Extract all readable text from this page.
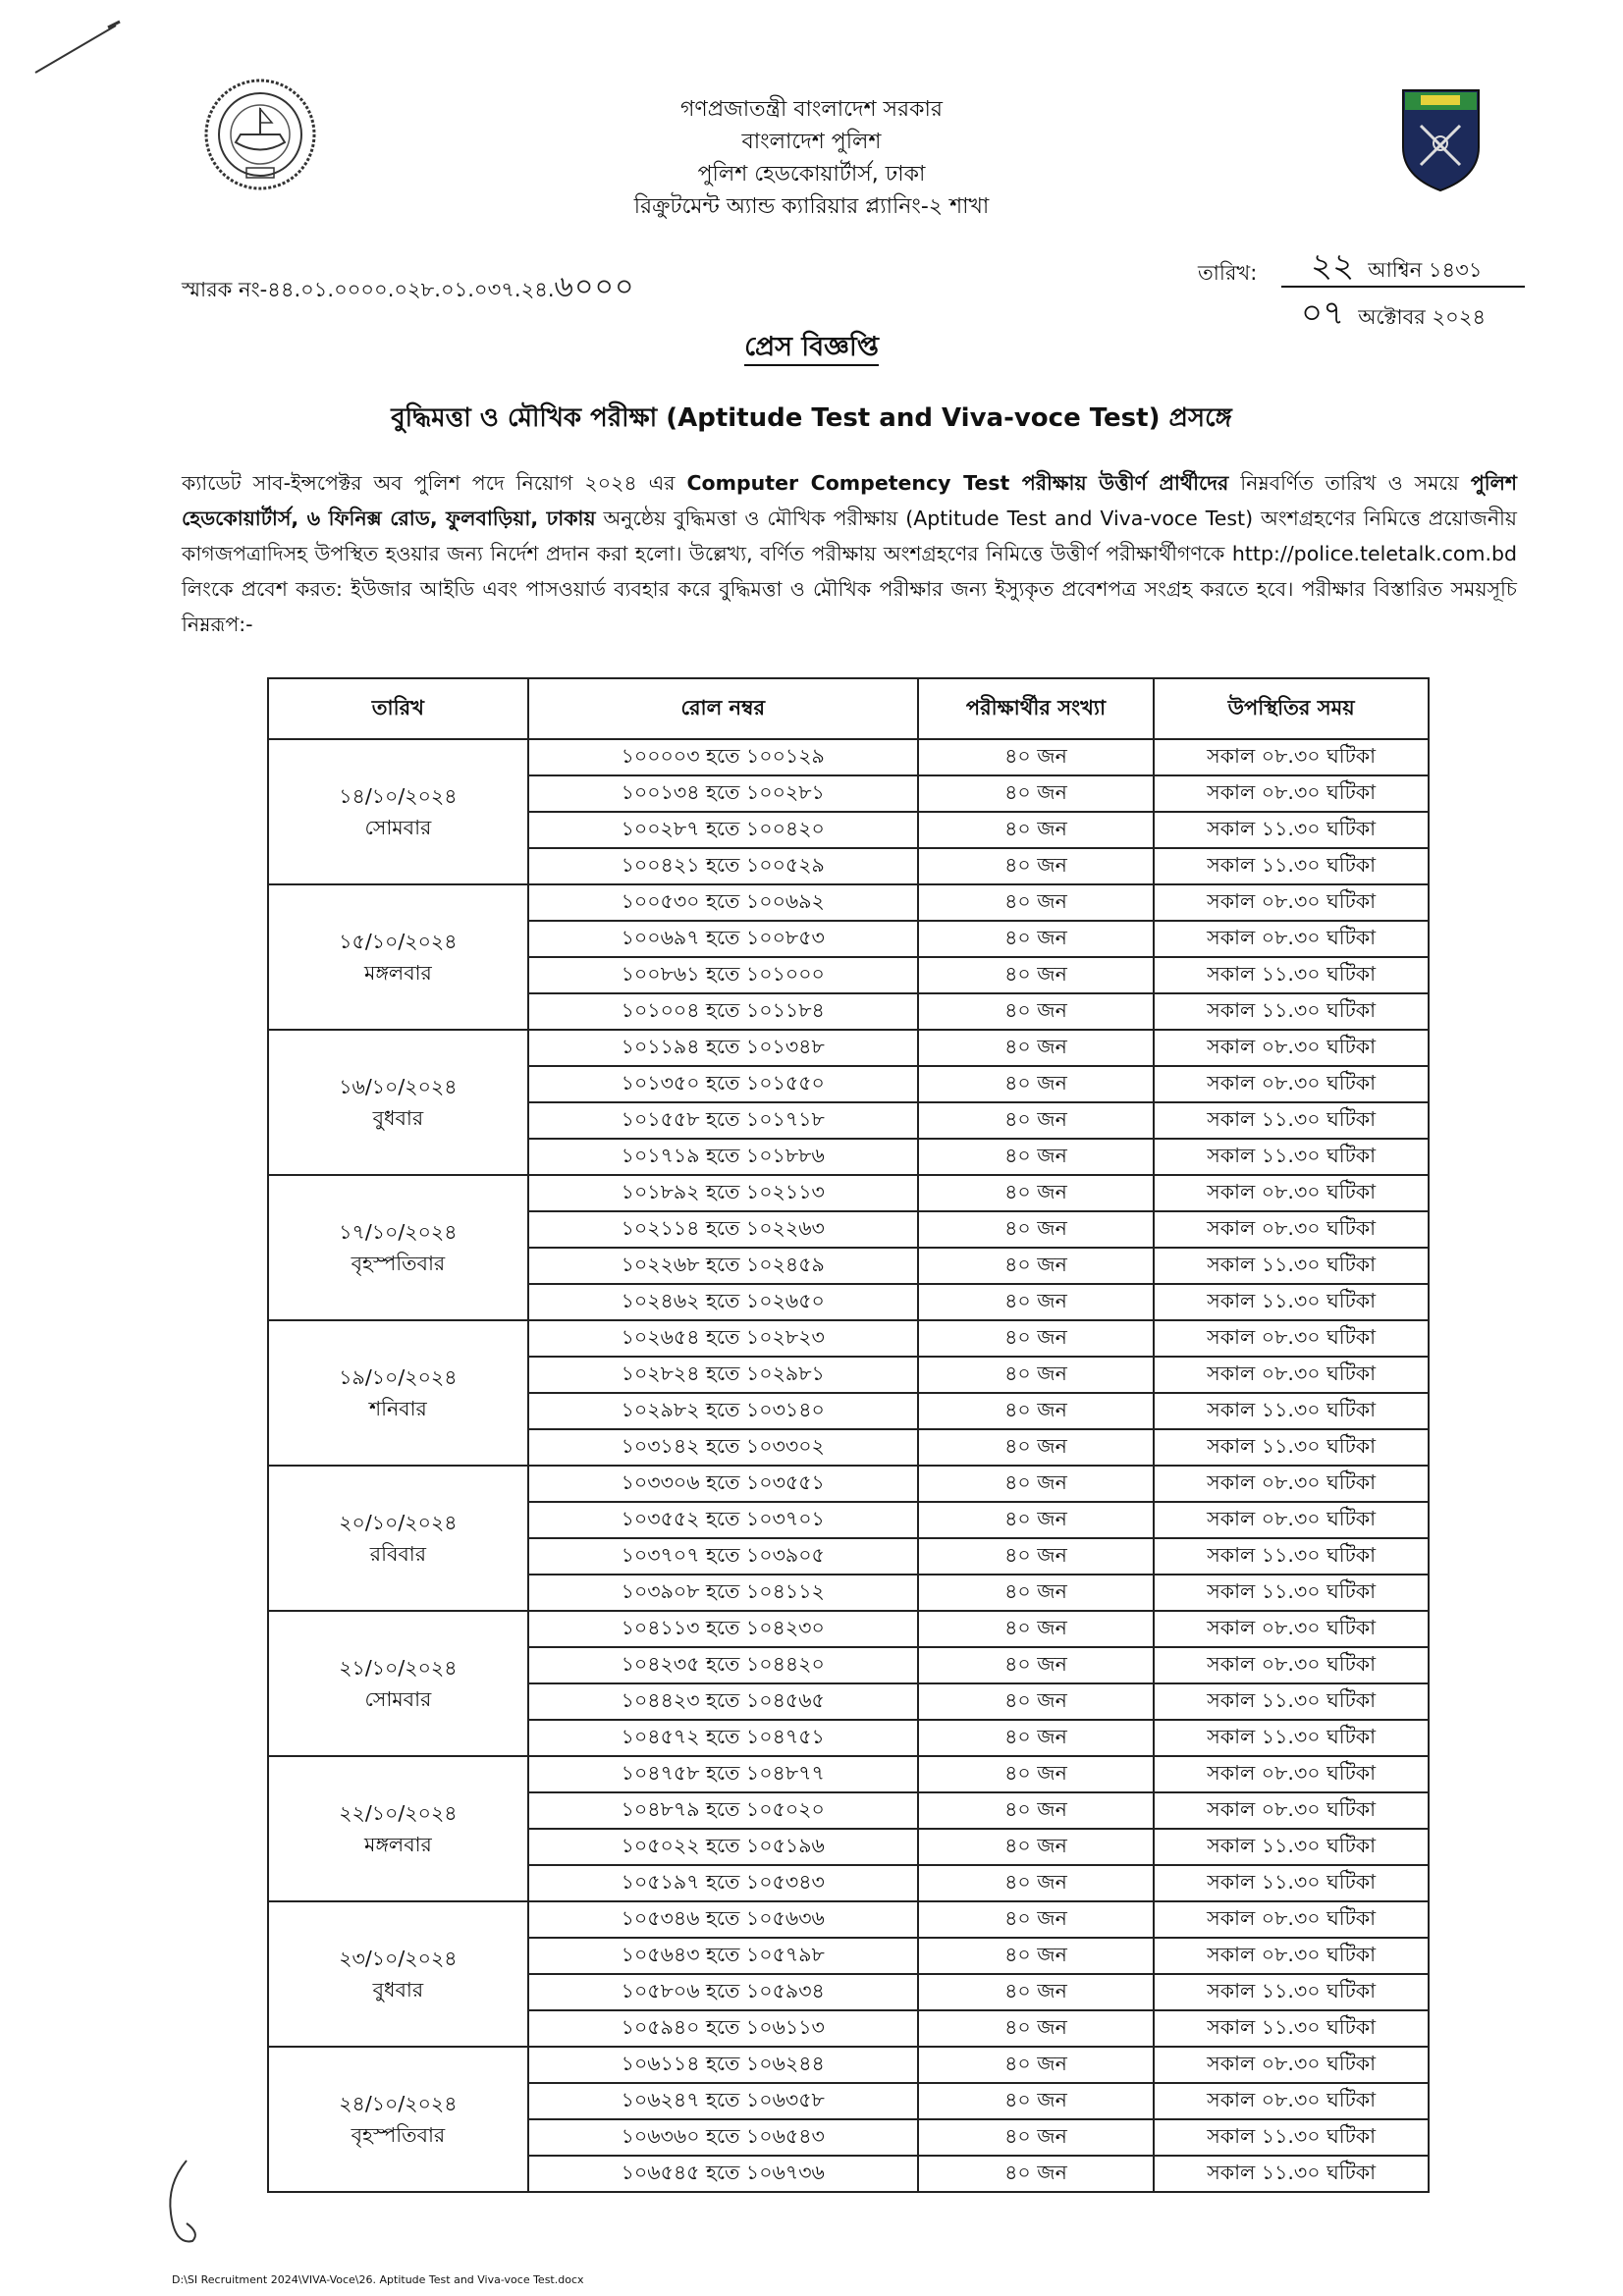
গণপ্রজাতন্ত্রী বাংলাদেশ সরকার
বাংলাদেশ পুলিশ
পুলিশ হেডকোয়ার্টার্স, ঢাকা
রিক্রুটমেন্ট অ্যান্ড ক্যারিয়ার প্ল্যানিং-২ শাখা
স্মারক নং-৪৪.০১.০০০০.০২৮.০১.০৩৭.২৪.৬০০০	তারিখ: ২২ আশ্বিন ১৪৩১
০৭ অক্টোবর ২০২৪
প্রেস বিজ্ঞপ্তি
বুদ্ধিমত্তা ও মৌখিক পরীক্ষা (Aptitude Test and Viva-voce Test) প্রসঙ্গে
ক্যাডেট সাব-ইন্সপেক্টর অব পুলিশ পদে নিয়োগ ২০২৪ এর Computer Competency Test পরীক্ষায় উত্তীর্ণ প্রার্থীদের নিম্নবর্ণিত তারিখ ও সময়ে পুলিশ হেডকোয়ার্টার্স, ৬ ফিনিক্স রোড, ফুলবাড়িয়া, ঢাকায় অনুষ্ঠেয় বুদ্ধিমত্তা ও মৌখিক পরীক্ষায় (Aptitude Test and Viva-voce Test) অংশগ্রহণের নিমিত্তে প্রয়োজনীয় কাগজপত্রাদিসহ উপস্থিত হওয়ার জন্য নির্দেশ প্রদান করা হলো। উল্লেখ্য, বর্ণিত পরীক্ষায় অংশগ্রহণের নিমিত্তে উত্তীর্ণ পরীক্ষার্থীগণকে http://police.teletalk.com.bd লিংকে প্রবেশ করত: ইউজার আইডি এবং পাসওয়ার্ড ব্যবহার করে বুদ্ধিমত্তা ও মৌখিক পরীক্ষার জন্য ইস্যুকৃত প্রবেশপত্র সংগ্রহ করতে হবে। পরীক্ষার বিস্তারিত সময়সূচি নিম্নরূপ:-
তারিখ	রোল নম্বর	পরীক্ষার্থীর সংখ্যা	উপস্থিতির সময়

১৪/১০/২০২৪
সোমবার	১০০০০৩ হতে ১০০১২৯	৪০ জন	সকাল ০৮.৩০ ঘটিকা
	১০০১৩৪ হতে ১০০২৮১	৪০ জন	সকাল ০৮.৩০ ঘটিকা
	১০০২৮৭ হতে ১০০৪২০	৪০ জন	সকাল ১১.৩০ ঘটিকা
	১০০৪২১ হতে ১০০৫২৯	৪০ জন	সকাল ১১.৩০ ঘটিকা

১৫/১০/২০২৪
মঙ্গলবার	১০০৫৩০ হতে ১০০৬৯২	৪০ জন	সকাল ০৮.৩০ ঘটিকা
	১০০৬৯৭ হতে ১০০৮৫৩	৪০ জন	সকাল ০৮.৩০ ঘটিকা
	১০০৮৬১ হতে ১০১০০০	৪০ জন	সকাল ১১.৩০ ঘটিকা
	১০১০০৪ হতে ১০১১৮৪	৪০ জন	সকাল ১১.৩০ ঘটিকা

১৬/১০/২০২৪
বুধবার	১০১১৯৪ হতে ১০১৩৪৮	৪০ জন	সকাল ০৮.৩০ ঘটিকা
	১০১৩৫০ হতে ১০১৫৫০	৪০ জন	সকাল ০৮.৩০ ঘটিকা
	১০১৫৫৮ হতে ১০১৭১৮	৪০ জন	সকাল ১১.৩০ ঘটিকা
	১০১৭১৯ হতে ১০১৮৮৬	৪০ জন	সকাল ১১.৩০ ঘটিকা

১৭/১০/২০২৪
বৃহস্পতিবার	১০১৮৯২ হতে ১০২১১৩	৪০ জন	সকাল ০৮.৩০ ঘটিকা
	১০২১১৪ হতে ১০২২৬৩	৪০ জন	সকাল ০৮.৩০ ঘটিকা
	১০২২৬৮ হতে ১০২৪৫৯	৪০ জন	সকাল ১১.৩০ ঘটিকা
	১০২৪৬২ হতে ১০২৬৫০	৪০ জন	সকাল ১১.৩০ ঘটিকা

১৯/১০/২০২৪
শনিবার	১০২৬৫৪ হতে ১০২৮২৩	৪০ জন	সকাল ০৮.৩০ ঘটিকা
	১০২৮২৪ হতে ১০২৯৮১	৪০ জন	সকাল ০৮.৩০ ঘটিকা
	১০২৯৮২ হতে ১০৩১৪০	৪০ জন	সকাল ১১.৩০ ঘটিকা
	১০৩১৪২ হতে ১০৩৩০২	৪০ জন	সকাল ১১.৩০ ঘটিকা

২০/১০/২০২৪
রবিবার	১০৩৩০৬ হতে ১০৩৫৫১	৪০ জন	সকাল ০৮.৩০ ঘটিকা
	১০৩৫৫২ হতে ১০৩৭০১	৪০ জন	সকাল ০৮.৩০ ঘটিকা
	১০৩৭০৭ হতে ১০৩৯০৫	৪০ জন	সকাল ১১.৩০ ঘটিকা
	১০৩৯০৮ হতে ১০৪১১২	৪০ জন	সকাল ১১.৩০ ঘটিকা

২১/১০/২০২৪
সোমবার	১০৪১১৩ হতে ১০৪২৩০	৪০ জন	সকাল ০৮.৩০ ঘটিকা
	১০৪২৩৫ হতে ১০৪৪২০	৪০ জন	সকাল ০৮.৩০ ঘটিকা
	১০৪৪২৩ হতে ১০৪৫৬৫	৪০ জন	সকাল ১১.৩০ ঘটিকা
	১০৪৫৭২ হতে ১০৪৭৫১	৪০ জন	সকাল ১১.৩০ ঘটিকা

২২/১০/২০২৪
মঙ্গলবার	১০৪৭৫৮ হতে ১০৪৮৭৭	৪০ জন	সকাল ০৮.৩০ ঘটিকা
	১০৪৮৭৯ হতে ১০৫০২০	৪০ জন	সকাল ০৮.৩০ ঘটিকা
	১০৫০২২ হতে ১০৫১৯৬	৪০ জন	সকাল ১১.৩০ ঘটিকা
	১০৫১৯৭ হতে ১০৫৩৪৩	৪০ জন	সকাল ১১.৩০ ঘটিকা

২৩/১০/২০২৪
বুধবার	১০৫৩৪৬ হতে ১০৫৬৩৬	৪০ জন	সকাল ০৮.৩০ ঘটিকা
	১০৫৬৪৩ হতে ১০৫৭৯৮	৪০ জন	সকাল ০৮.৩০ ঘটিকা
	১০৫৮০৬ হতে ১০৫৯৩৪	৪০ জন	সকাল ১১.৩০ ঘটিকা
	১০৫৯৪০ হতে ১০৬১১৩	৪০ জন	সকাল ১১.৩০ ঘটিকা

২৪/১০/২০২৪
বৃহস্পতিবার	১০৬১১৪ হতে ১০৬২৪৪	৪০ জন	সকাল ০৮.৩০ ঘটিকা
	১০৬২৪৭ হতে ১০৬৩৫৮	৪০ জন	সকাল ০৮.৩০ ঘটিকা
	১০৬৩৬০ হতে ১০৬৫৪৩	৪০ জন	সকাল ১১.৩০ ঘটিকা
	১০৬৫৪৫ হতে ১০৬৭৩৬	৪০ জন	সকাল ১১.৩০ ঘটিকা
D:\SI Recruitment 2024\VIVA-Voce\26. Aptitude Test and Viva-voce Test.docx
